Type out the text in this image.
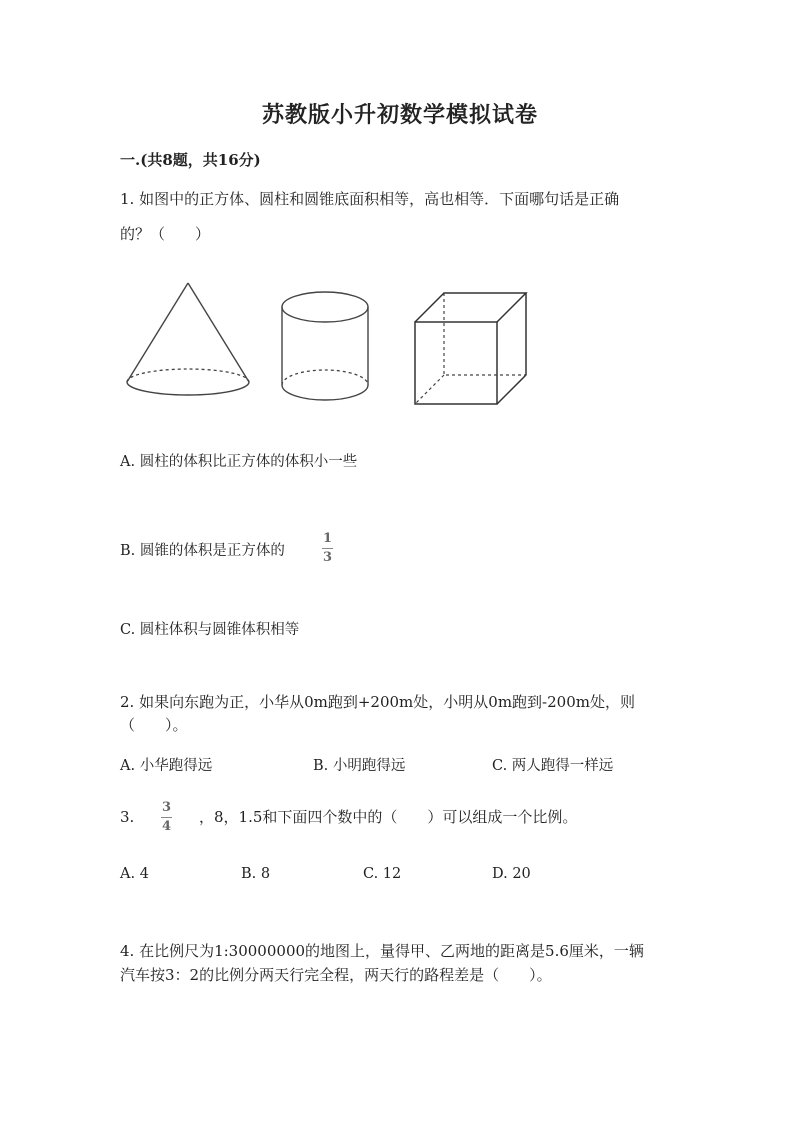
苏教版小升初数学模拟试卷
一.(共8题，共16分)
1. 如图中的正方体、圆柱和圆锥底面积相等，高也相等．下面哪句话是正确
的？（　　）
A. 圆柱的体积比正方体的体积小一些
B. 圆锥的体积是正方体的
1
3
C. 圆柱体积与圆锥体积相等
2. 如果向东跑为正，小华从0m跑到+200m处，小明从0m跑到-200m处，则
（　　）。
A. 小华跑得远	B. 小明跑得远	C. 两人跑得一样远
3.
3
4
，8，1.5和下面四个数中的（　　）可以组成一个比例。
A. 4	B. 8	C. 12	D. 20
4. 在比例尺为1:30000000的地图上，量得甲、乙两地的距离是5.6厘米，一辆
汽车按3：2的比例分两天行完全程，两天行的路程差是（　　）。
